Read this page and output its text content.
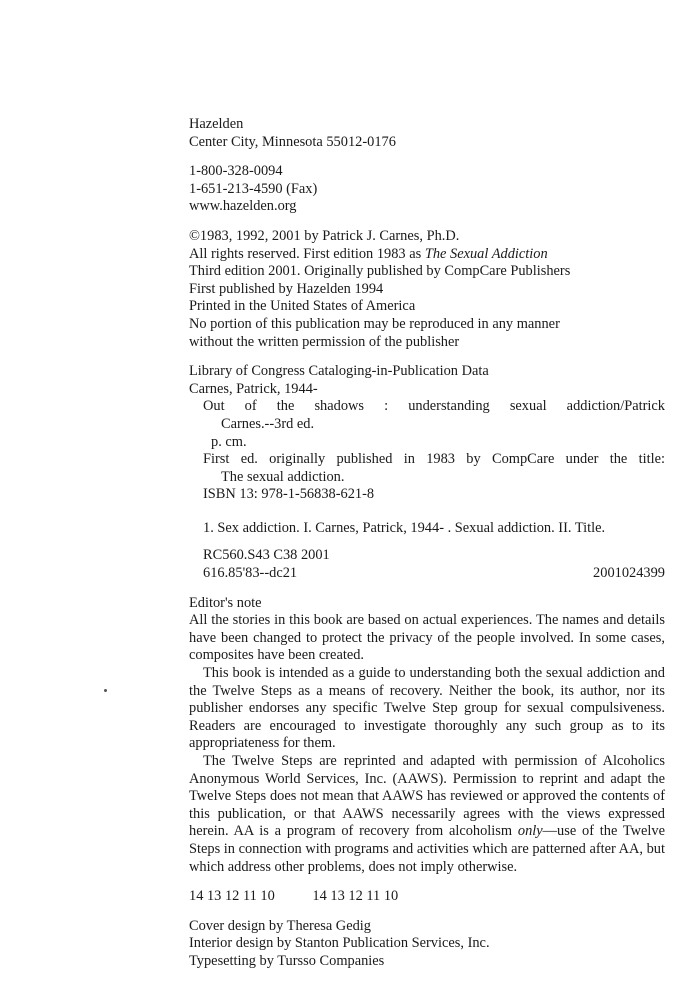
Hazelden
Center City, Minnesota 55012-0176
1-800-328-0094
1-651-213-4590 (Fax)
www.hazelden.org
©1983, 1992, 2001 by Patrick J. Carnes, Ph.D.
All rights reserved. First edition 1983 as The Sexual Addiction
Third edition 2001. Originally published by CompCare Publishers
First published by Hazelden 1994
Printed in the United States of America
No portion of this publication may be reproduced in any manner
without the written permission of the publisher
Library of Congress Cataloging-in-Publication Data
Carnes, Patrick, 1944-
Out of the shadows : understanding sexual addiction/Patrick
Carnes.--3rd ed.
p. cm.
First ed. originally published in 1983 by CompCare under the title:
The sexual addiction.
ISBN 13: 978-1-56838-621-8
1. Sex addiction. I. Carnes, Patrick, 1944- . Sexual addiction. II. Title.
RC560.S43 C38 2001
616.85'83--dc21	2001024399
Editor's note

All the stories in this book are based on actual experiences. The names and details have been changed to protect the privacy of the people involved. In some cases, composites have been created.

This book is intended as a guide to understanding both the sexual addiction and the Twelve Steps as a means of recovery. Neither the book, its author, nor its publisher endorses any specific Twelve Step group for sexual compulsiveness. Readers are encouraged to investigate thoroughly any such group as to its appropriateness for them.

The Twelve Steps are reprinted and adapted with permission of Alcoholics Anonymous World Services, Inc. (AAWS). Permission to reprint and adapt the Twelve Steps does not mean that AAWS has reviewed or approved the contents of this publication, or that AAWS necessarily agrees with the views expressed herein. AA is a program of recovery from alcoholism only—use of the Twelve Steps in connection with programs and activities which are patterned after AA, but which address other problems, does not imply otherwise.

14 13 12 11 10	14 13 12 11 10
Cover design by Theresa Gedig
Interior design by Stanton Publication Services, Inc.
Typesetting by Tursso Companies
